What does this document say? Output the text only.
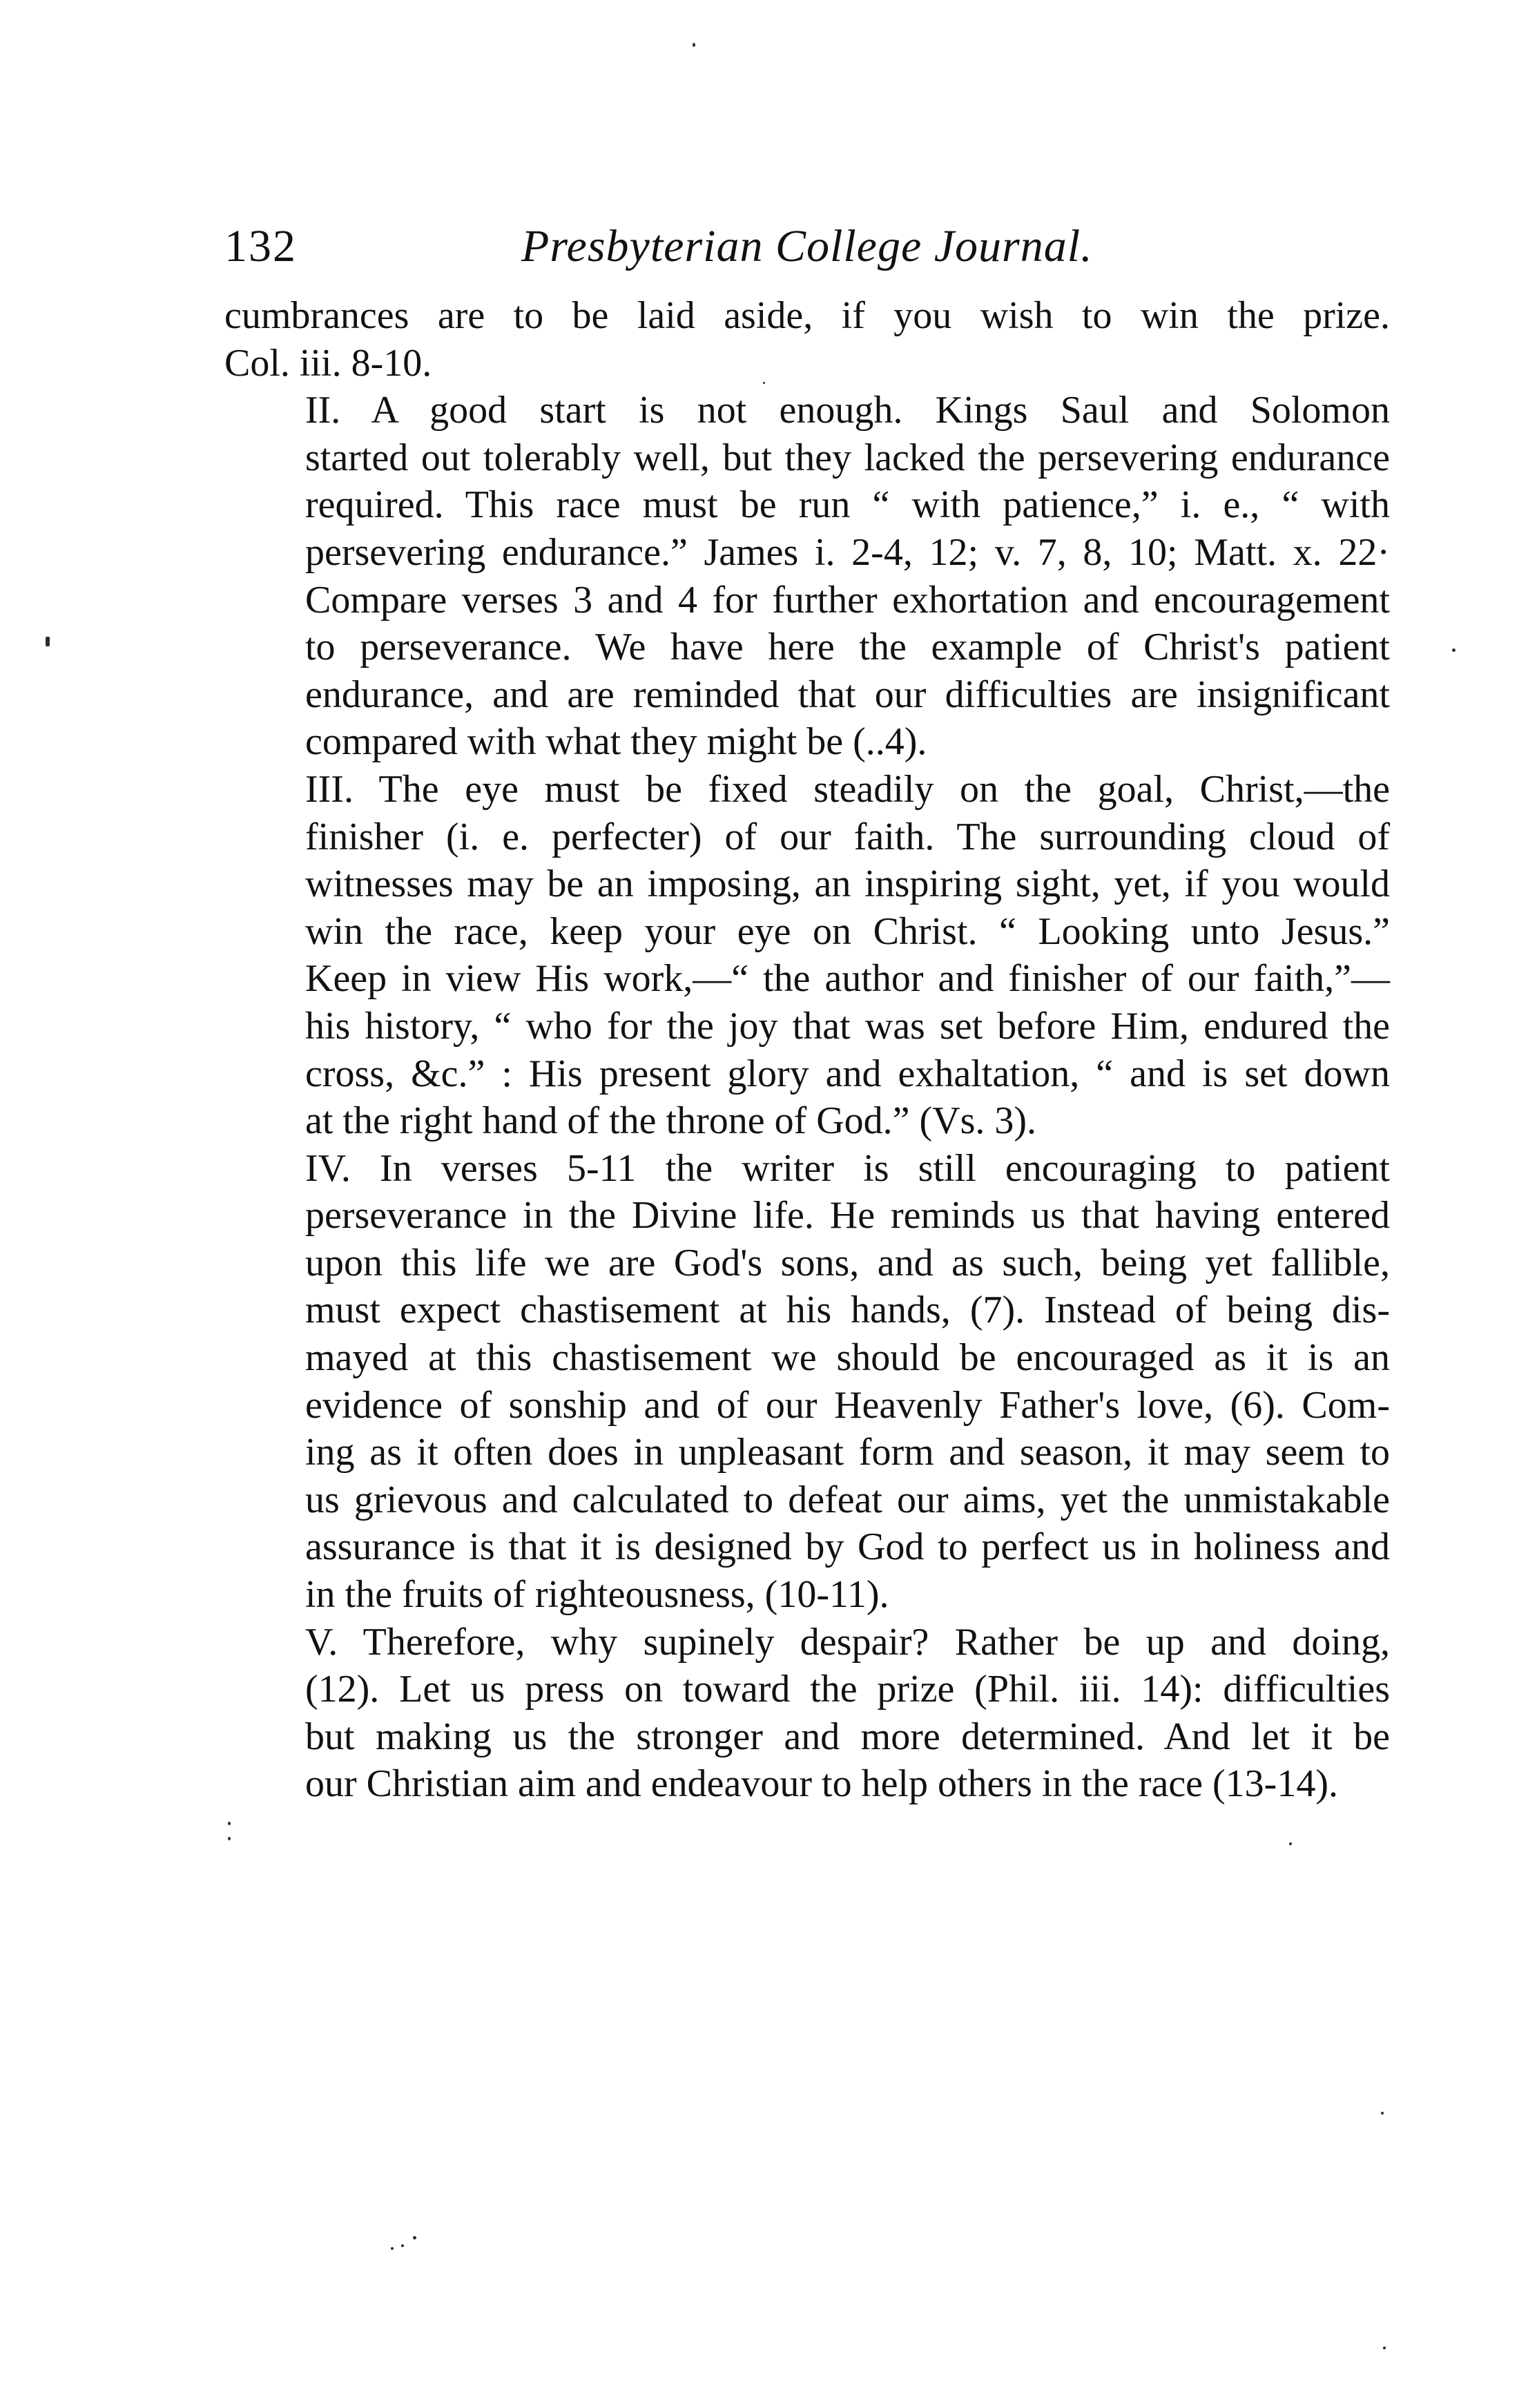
132	Presbyterian College Journal.

cumbrances are to be laid aside, if you wish to win the prize.
Col. iii. 8-10.

II. A good start is not enough. Kings Saul and Solomon
started out tolerably well, but they lacked the persevering endurance
required. This race must be run “ with patience,” i. e., “ with
persevering endurance.” James i. 2-4, 12; v. 7, 8, 10; Matt. x. 22·
Compare verses 3 and 4 for further exhortation and encouragement
to perseverance. We have here the example of Christ's patient
endurance, and are reminded that our difficulties are insignificant
compared with what they might be (..4).

III. The eye must be fixed steadily on the goal, Christ,—the
finisher (i. e. perfecter) of our faith. The surrounding cloud of
witnesses may be an imposing, an inspiring sight, yet, if you would
win the race, keep your eye on Christ. “ Looking unto Jesus.”
Keep in view His work,—“ the author and finisher of our faith,”—
his history, “ who for the joy that was set before Him, endured the
cross, &c.” : His present glory and exhaltation, “ and is set down
at the right hand of the throne of God.” (Vs. 3).

IV. In verses 5-11 the writer is still encouraging to patient
perseverance in the Divine life. He reminds us that having entered
upon this life we are God's sons, and as such, being yet fallible,
must expect chastisement at his hands, (7). Instead of being dis-
mayed at this chastisement we should be encouraged as it is an
evidence of sonship and of our Heavenly Father's love, (6). Com-
ing as it often does in unpleasant form and season, it may seem to
us grievous and calculated to defeat our aims, yet the unmistakable
assurance is that it is designed by God to perfect us in holiness and
in the fruits of righteousness, (10-11).

V. Therefore, why supinely despair? Rather be up and doing,
(12). Let us press on toward the prize (Phil. iii. 14): difficulties
but making us the stronger and more determined. And let it be
our Christian aim and endeavour to help others in the race (13-14).
